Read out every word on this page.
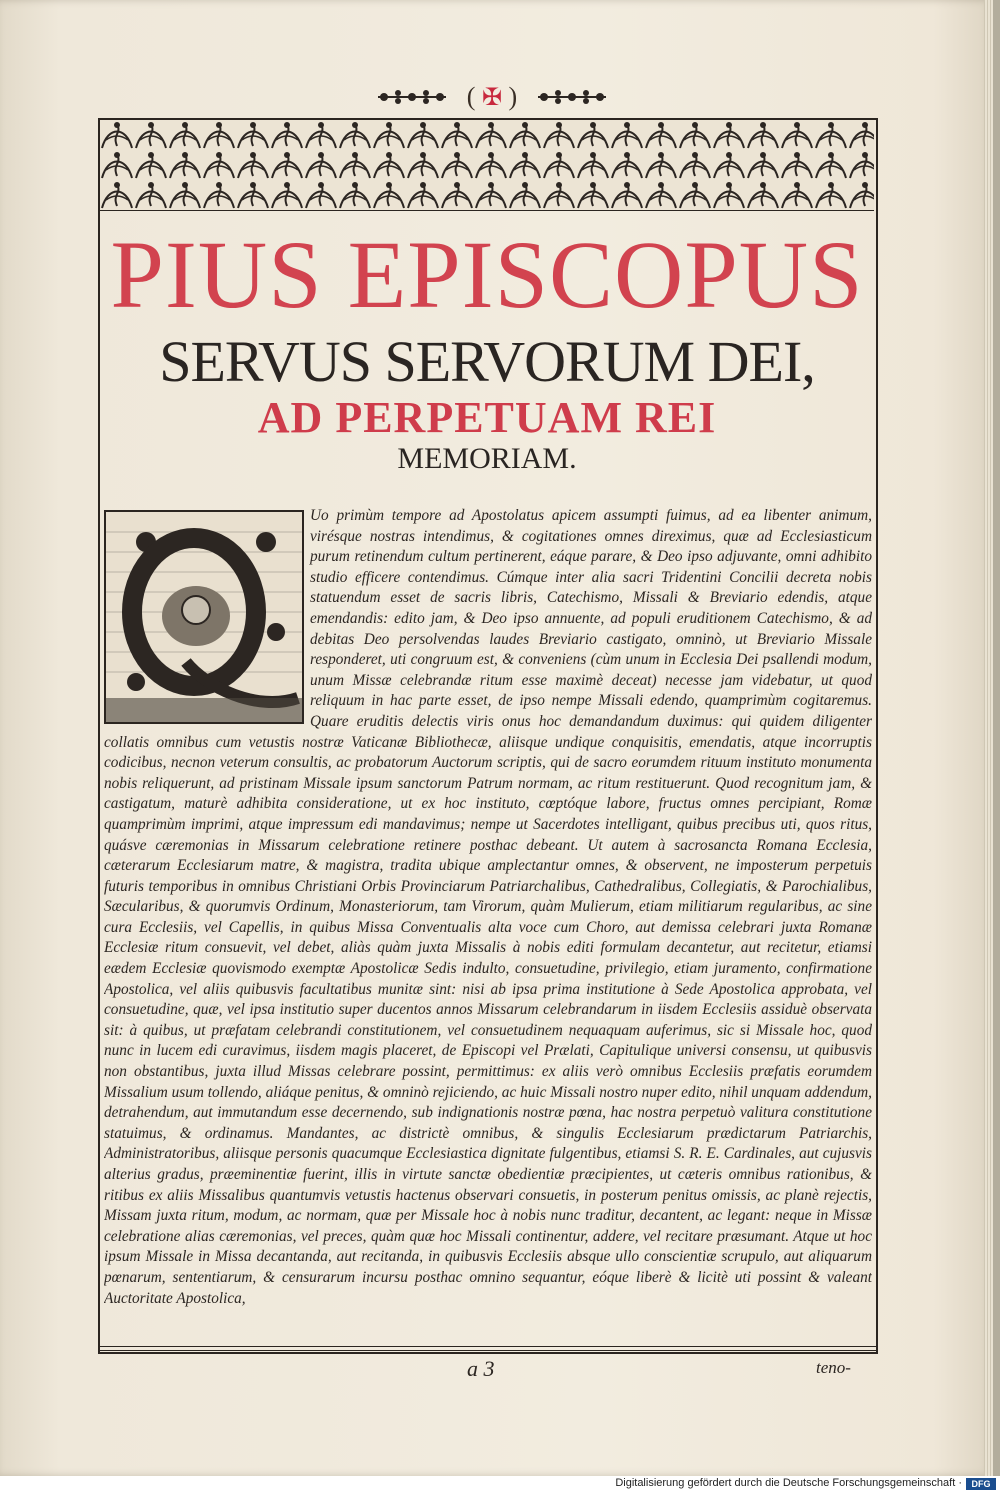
( ✠ )

PIUS EPISCOPUS

SERVUS SERVORUM DEI,

AD PERPETUAM REI

MEMORIAM.

Uo primùm tempore ad Apostolatus apicem assumpti fuimus, ad ea libenter animum, virésque nostras intendimus, & cogitationes omnes direximus, quæ ad Ecclesiasticum purum retinendum cultum pertinerent, eáque parare, & Deo ipso adjuvante, omni adhibito studio efficere contendimus. Cúmque inter alia sacri Tridentini Concilii decreta nobis statuendum esset de sacris libris, Catechismo, Missali & Breviario edendis, atque emendandis: edito jam, & Deo ipso annuente, ad populi eruditionem Catechismo, & ad debitas Deo persolvendas laudes Breviario castigato, omninò, ut Breviario Missale responderet, uti congruum est, & conveniens (cùm unum in Ecclesia Dei psallendi modum, unum Missæ celebrandæ ritum esse maximè deceat) necesse jam videbatur, ut quod reliquum in hac parte esset, de ipso nempe Missali edendo, quamprimùm cogitaremus. Quare eruditis delectis viris onus hoc demandandum duximus: qui quidem diligenter collatis omnibus cum vetustis nostræ Vaticanæ Bibliothecæ, aliisque undique conquisitis, emendatis, atque incorruptis codicibus, necnon veterum consultis, ac probatorum Auctorum scriptis, qui de sacro eorumdem rituum instituto monumenta nobis reliquerunt, ad pristinam Missale ipsum sanctorum Patrum normam, ac ritum restituerunt. Quod recognitum jam, & castigatum, maturè adhibita consideratione, ut ex hoc instituto, cœptóque labore, fructus omnes percipiant, Romæ quamprimùm imprimi, atque impressum edi mandavimus; nempe ut Sacerdotes intelligant, quibus precibus uti, quos ritus, quásve cæremonias in Missarum celebratione retinere posthac debeant. Ut autem à sacrosancta Romana Ecclesia, cæterarum Ecclesiarum matre, & magistra, tradita ubique amplectantur omnes, & observent, ne imposterum perpetuis futuris temporibus in omnibus Christiani Orbis Provinciarum Patriarchalibus, Cathedralibus, Collegiatis, & Parochialibus, Sæcularibus, & quorumvis Ordinum, Monasteriorum, tam Virorum, quàm Mulierum, etiam militiarum regularibus, ac sine cura Ecclesiis, vel Capellis, in quibus Missa Conventualis alta voce cum Choro, aut demissa celebrari juxta Romanæ Ecclesiæ ritum consuevit, vel debet, aliàs quàm juxta Missalis à nobis editi formulam decantetur, aut recitetur, etiamsi eædem Ecclesiæ quovismodo exemptæ Apostolicæ Sedis indulto, consuetudine, privilegio, etiam juramento, confirmatione Apostolica, vel aliis quibusvis facultatibus munitæ sint: nisi ab ipsa prima institutione à Sede Apostolica approbata, vel consuetudine, quæ, vel ipsa institutio super ducentos annos Missarum celebrandarum in iisdem Ecclesiis assiduè observata sit: à quibus, ut præfatam celebrandi constitutionem, vel consuetudinem nequaquam auferimus, sic si Missale hoc, quod nunc in lucem edi curavimus, iisdem magis placeret, de Episcopi vel Prælati, Capitulique universi consensu, ut quibusvis non obstantibus, juxta illud Missas celebrare possint, permittimus: ex aliis verò omnibus Ecclesiis præfatis eorumdem Missalium usum tollendo, aliáque penitus, & omninò rejiciendo, ac huic Missali nostro nuper edito, nihil unquam addendum, detrahendum, aut immutandum esse decernendo, sub indignationis nostræ pœna, hac nostra perpetuò valitura constitutione statuimus, & ordinamus. Mandantes, ac districtè omnibus, & singulis Ecclesiarum prædictarum Patriarchis, Administratoribus, aliisque personis quacumque Ecclesiastica dignitate fulgentibus, etiamsi S. R. E. Cardinales, aut cujusvis alterius gradus, præeminentiæ fuerint, illis in virtute sanctæ obedientiæ præcipientes, ut cæteris omnibus rationibus, & ritibus ex aliis Missalibus quantumvis vetustis hactenus observari consuetis, in posterum penitus omissis, ac planè rejectis, Missam juxta ritum, modum, ac normam, quæ per Missale hoc à nobis nunc traditur, decantent, ac legant: neque in Missæ celebratione alias cæremonias, vel preces, quàm quæ hoc Missali continentur, addere, vel recitare præsumant. Atque ut hoc ipsum Missale in Missa decantanda, aut recitanda, in quibusvis Ecclesiis absque ullo conscientiæ scrupulo, aut aliquarum pœnarum, sententiarum, & censurarum incursu posthac omnino sequantur, eóque liberè & licitè uti possint & valeant Auctoritate Apostolica,

a 3	teno-
Digitalisierung gefördert durch die Deutsche Forschungsgemeinschaft ·	DFG
